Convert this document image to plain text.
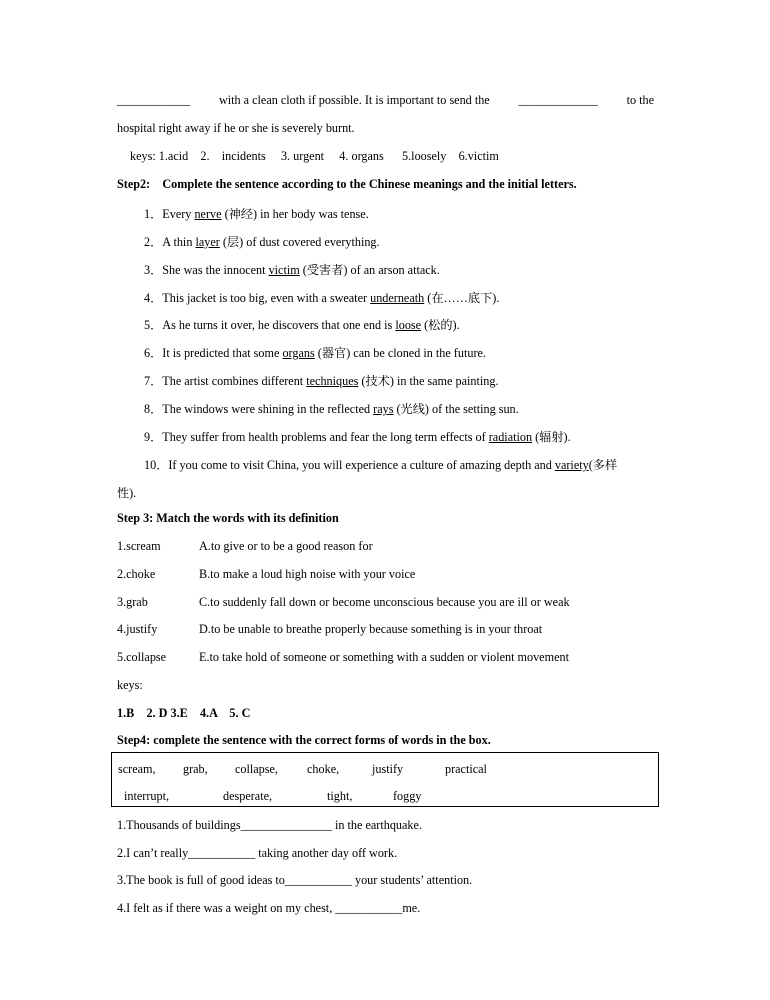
____________ with a clean cloth if possible. It is important to send the _____________ to the
hospital right away if he or she is severely burnt.
keys: 1.acid    2.    incidents     3. urgent     4. organs      5.loosely    6.victim
Step2:    Complete the sentence according to the Chinese meanings and the initial letters.
1．Every nerve (神经) in her body was tense.
2．A thin layer (层) of dust covered everything.
3．She was the innocent victim (受害者) of an arson attack.
4．This jacket is too big, even with a sweater underneath (在……底下).
5．As he turns it over, he discovers that one end is loose (松的).
6．It is predicted that some organs (器官) can be cloned in the future.
7．The artist combines different techniques (技术) in the same painting.
8．The windows were shining in the reflected rays (光线) of the setting sun.
9．They suffer from health problems and fear the long term effects of radiation (辐射).
10．If you come to visit China, you will experience a culture of amazing depth and variety(多样
性).
Step 3: Match the words with its definition
1.scream	A.to give or to be a good reason for
2.choke	B.to make a loud high noise with your voice
3.grab	C.to suddenly fall down or become unconscious because you are ill or weak
4.justify	D.to be unable to breathe properly because something is in your throat
5.collapse	E.to take hold of someone or something with a sudden or violent movement
keys:
1.B    2. D 3.E    4.A    5. C
Step4: complete the sentence with the correct forms of words in the box.
scream, grab, collapse, choke,	justify	practical
interrupt,	desperate,	tight,	foggy
1.Thousands of buildings_______________ in the earthquake.
2.I can’t really___________ taking another day off work.
3.The book is full of good ideas to___________ your students’ attention.
4.I felt as if there was a weight on my chest, ___________me.
